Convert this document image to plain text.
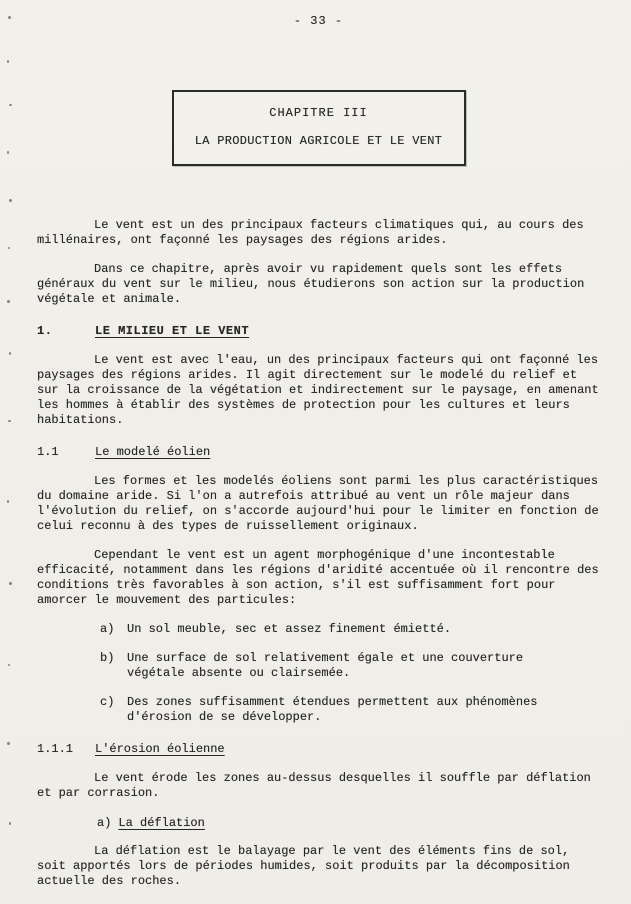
- 33 -
CHAPITRE III
LA PRODUCTION AGRICOLE ET LE VENT

Le vent est un des principaux facteurs climatiques qui, au cours des millénaires, ont façonné les paysages des régions arides.

Dans ce chapitre, après avoir vu rapidement quels sont les effets généraux du vent sur le milieu, nous étudierons son action sur la production végétale et animale.

1.	LE MILIEU ET LE VENT

Le vent est avec l'eau, un des principaux facteurs qui ont façonné les paysages des régions arides. Il agit directement sur le modelé du relief et sur la croissance de la végétation et indirectement sur le paysage, en amenant les hommes à établir des systèmes de protection pour les cultures et leurs habitations.

1.1	Le modelé éolien

Les formes et les modelés éoliens sont parmi les plus caractéristiques du domaine aride. Si l'on a autrefois attribué au vent un rôle majeur dans l'évolution du relief, on s'accorde aujourd'hui pour le limiter en fonction de celui reconnu à des types de ruissellement originaux.

Cependant le vent est un agent morphogénique d'une incontestable efficacité, notamment dans les régions d'aridité accentuée où il rencontre des conditions très favorables à son action, s'il est suffisamment fort pour amorcer le mouvement des particules:

a)	Un sol meuble, sec et assez finement émietté.
b)	Une surface de sol relativement égale et une couverture végétale absente ou clairsemée.
c)	Des zones suffisamment étendues permettent aux phénomènes d'érosion de se développer.
1.1.1	L'érosion éolienne

Le vent érode les zones au-dessus desquelles il souffle par déflation et par corrasion.

a) La déflation

La déflation est le balayage par le vent des éléments fins de sol, soit apportés lors de périodes humides, soit produits par la décomposition actuelle des roches.
